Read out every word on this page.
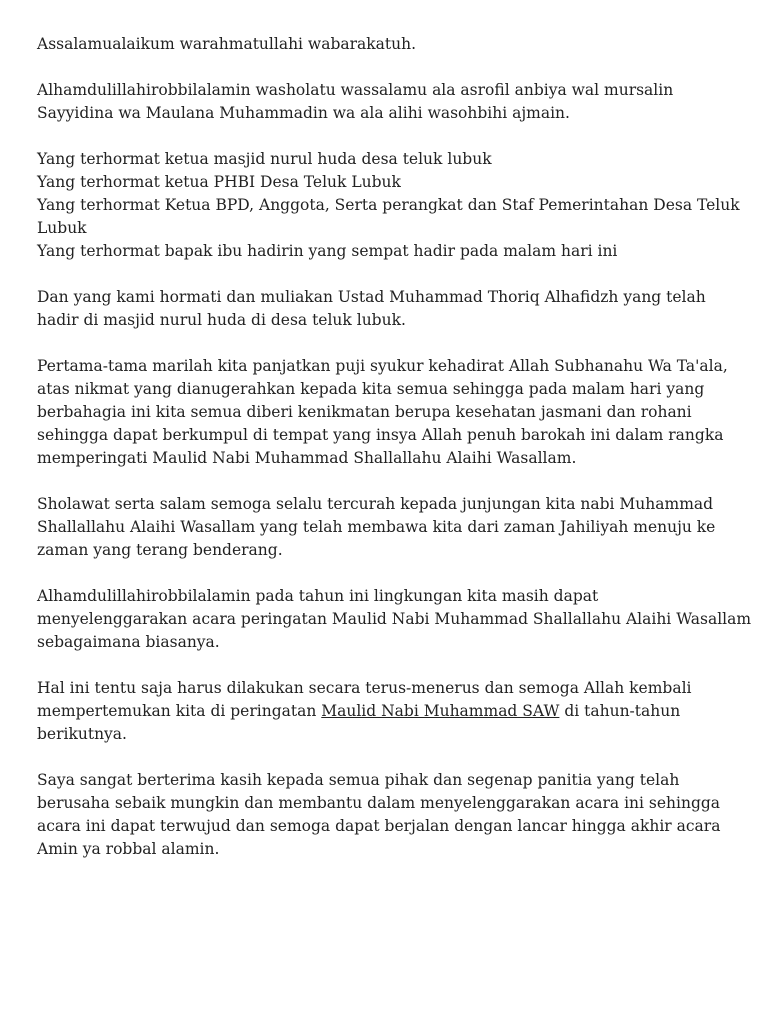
Assalamualaikum warahmatullahi wabarakatuh.

Alhamdulillahirobbilalamin washolatu wassalamu ala asrofil anbiya wal mursalin
Sayyidina wa Maulana Muhammadin wa ala alihi wasohbihi ajmain.

Yang terhormat ketua masjid nurul huda desa teluk lubuk
Yang terhormat ketua PHBI Desa Teluk Lubuk
Yang terhormat Ketua BPD, Anggota, Serta perangkat dan Staf Pemerintahan Desa Teluk
Lubuk
Yang terhormat bapak ibu hadirin yang sempat hadir pada malam hari ini

Dan yang kami hormati dan muliakan Ustad Muhammad Thoriq Alhafidzh yang telah
hadir di masjid nurul huda di desa teluk lubuk.

Pertama-tama marilah kita panjatkan puji syukur kehadirat Allah Subhanahu Wa Ta'ala,
atas nikmat yang dianugerahkan kepada kita semua sehingga pada malam hari yang
berbahagia ini kita semua diberi kenikmatan berupa kesehatan jasmani dan rohani
sehingga dapat berkumpul di tempat yang insya Allah penuh barokah ini dalam rangka
memperingati Maulid Nabi Muhammad Shallallahu Alaihi Wasallam.

Sholawat serta salam semoga selalu tercurah kepada junjungan kita nabi Muhammad
Shallallahu Alaihi Wasallam yang telah membawa kita dari zaman Jahiliyah menuju ke
zaman yang terang benderang.

Alhamdulillahirobbilalamin pada tahun ini lingkungan kita masih dapat
menyelenggarakan acara peringatan Maulid Nabi Muhammad Shallallahu Alaihi Wasallam
sebagaimana biasanya.

Hal ini tentu saja harus dilakukan secara terus-menerus dan semoga Allah kembali
mempertemukan kita di peringatan Maulid Nabi Muhammad SAW di tahun-tahun
berikutnya.

Saya sangat berterima kasih kepada semua pihak dan segenap panitia yang telah
berusaha sebaik mungkin dan membantu dalam menyelenggarakan acara ini sehingga
acara ini dapat terwujud dan semoga dapat berjalan dengan lancar hingga akhir acara
Amin ya robbal alamin.
